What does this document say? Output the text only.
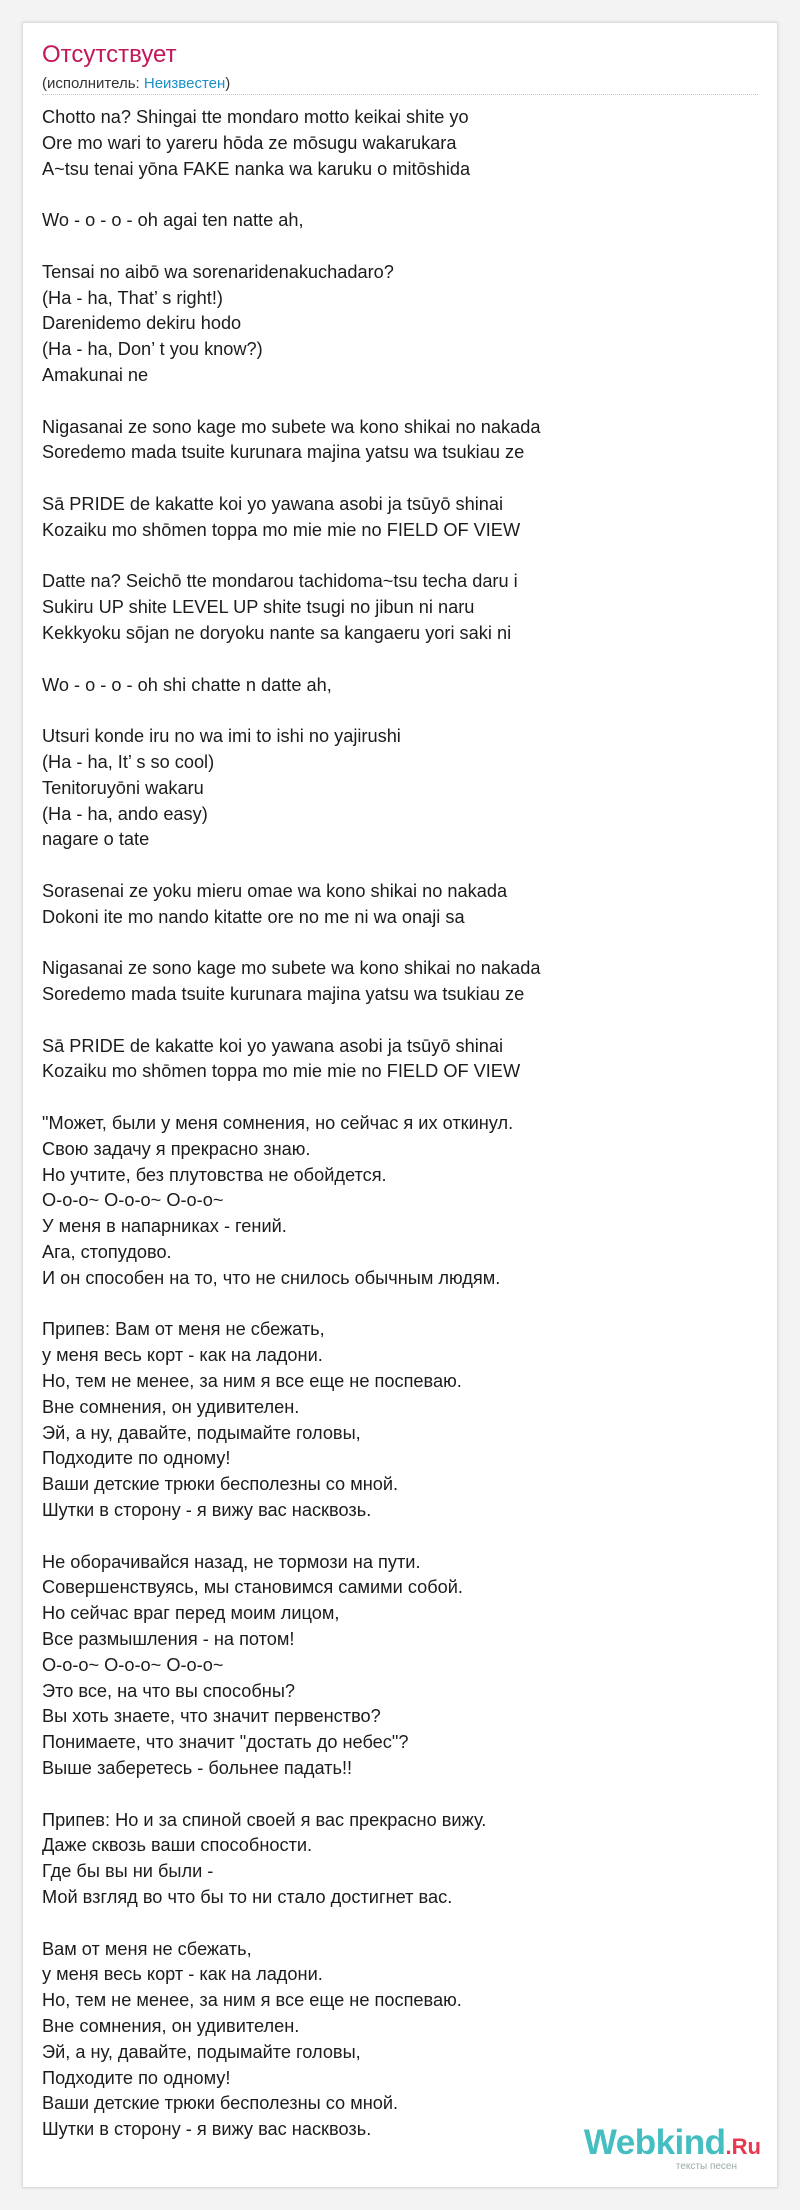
Отсутствует
(исполнитель: Неизвестен)
Chotto na? Shingai tte mondaro motto keikai shite yo
Ore mo wari to yareru hōda ze mōsugu wakarukara
A~tsu tenai yōna FAKE nanka wa karuku o mitōshida

Wo - o - o - oh agai ten natte ah,

Tensai no aibō wa sorenaridenakuchadaro?
(Ha - ha, That’ s right!)
Darenidemo dekiru hodo
(Ha - ha, Don’ t you know?)
Amakunai ne

Nigasanai ze sono kage mo subete wa kono shikai no nakada
Soredemo mada tsuite kurunara majina yatsu wa tsukiau ze

Sā PRIDE de kakatte koi yo yawana asobi ja tsūyō shinai
Kozaiku mo shōmen toppa mo mie mie no FIELD OF VIEW

Datte na? Seichō tte mondarou tachidoma~tsu techa daru i
Sukiru UP shite LEVEL UP shite tsugi no jibun ni naru
Kekkyoku sōjan ne doryoku nante sa kangaeru yori saki ni

Wo - o - o - oh shi chatte n datte ah,

Utsuri konde iru no wa imi to ishi no yajirushi
(Ha - ha, It’ s so cool)
Tenitoruyōni wakaru
(Ha - ha, ando easy)
nagare o tate

Sorasenai ze yoku mieru omae wa kono shikai no nakada
Dokoni ite mo nando kitatte ore no me ni wa onaji sa

Nigasanai ze sono kage mo subete wa kono shikai no nakada
Soredemo mada tsuite kurunara majina yatsu wa tsukiau ze

Sā PRIDE de kakatte koi yo yawana asobi ja tsūyō shinai
Kozaiku mo shōmen toppa mo mie mie no FIELD OF VIEW

"Может, были у меня сомнения, но сейчас я их откинул.
Свою задачу я прекрасно знаю.
Но учтите, без плутовства не обойдется.
О-о-о~ О-о-о~ О-о-о~
У меня в напарниках - гений.
Ага, стопудово.
И он способен на то, что не снилось обычным людям.

Припев: Вам от меня не сбежать,
у меня весь корт - как на ладони.
Но, тем не менее, за ним я все еще не поспеваю.
Вне сомнения, он удивителен.
Эй, а ну, давайте, подымайте головы,
Подходите по одному!
Ваши детские трюки бесполезны со мной.
Шутки в сторону - я вижу вас насквозь.

Не оборачивайся назад, не тормози на пути.
Совершенствуясь, мы становимся самими собой.
Но сейчас враг перед моим лицом,
Все размышления - на потом!
О-о-о~ О-о-о~ О-о-о~
Это все, на что вы способны?
Вы хоть знаете, что значит первенство?
Понимаете, что значит "достать до небес"?
Выше заберетесь - больнее падать!!

Припев: Но и за спиной своей я вас прекрасно вижу.
Даже сквозь ваши способности.
Где бы вы ни были -
Мой взгляд во что бы то ни стало достигнет вас.

Вам от меня не сбежать,
у меня весь корт - как на ладони.
Но, тем не менее, за ним я все еще не поспеваю.
Вне сомнения, он удивителен.
Эй, а ну, давайте, подымайте головы,
Подходите по одному!
Ваши детские трюки бесполезны со мной.
Шутки в сторону - я вижу вас насквозь.	Webkind.Ru
тексты песен
